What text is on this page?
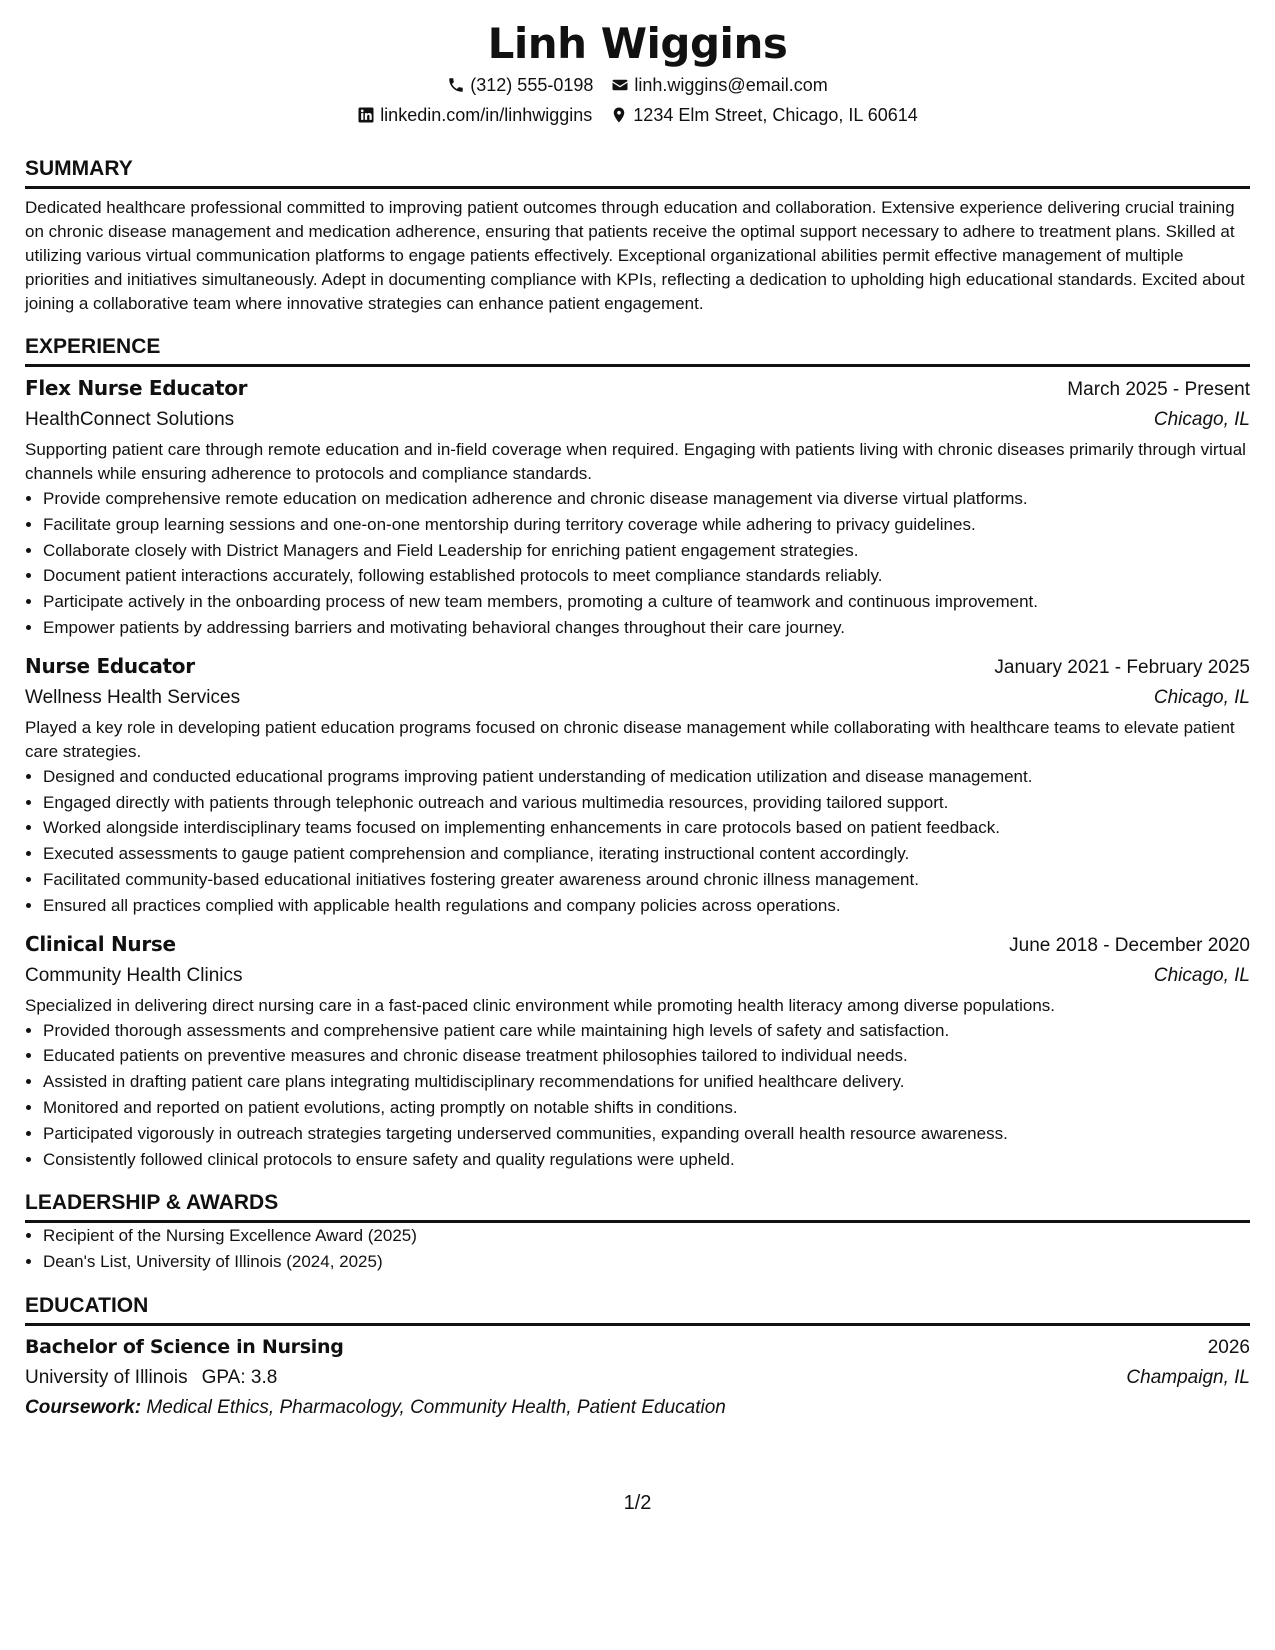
Linh Wiggins
(312) 555-0198 linh.wiggins@email.com
linkedin.com/in/linhwiggins 1234 Elm Street, Chicago, IL 60614
SUMMARY
Dedicated healthcare professional committed to improving patient outcomes through education and collaboration. Extensive experience delivering crucial training on chronic disease management and medication adherence, ensuring that patients receive the optimal support necessary to adhere to treatment plans. Skilled at utilizing various virtual communication platforms to engage patients effectively. Exceptional organizational abilities permit effective management of multiple priorities and initiatives simultaneously. Adept in documenting compliance with KPIs, reflecting a dedication to upholding high educational standards. Excited about joining a collaborative team where innovative strategies can enhance patient engagement.
EXPERIENCE
Flex Nurse Educator	March 2025 - Present
HealthConnect Solutions	Chicago, IL
Supporting patient care through remote education and in-field coverage when required. Engaging with patients living with chronic diseases primarily through virtual channels while ensuring adherence to protocols and compliance standards.
• Provide comprehensive remote education on medication adherence and chronic disease management via diverse virtual platforms.
• Facilitate group learning sessions and one-on-one mentorship during territory coverage while adhering to privacy guidelines.
• Collaborate closely with District Managers and Field Leadership for enriching patient engagement strategies.
• Document patient interactions accurately, following established protocols to meet compliance standards reliably.
• Participate actively in the onboarding process of new team members, promoting a culture of teamwork and continuous improvement.
• Empower patients by addressing barriers and motivating behavioral changes throughout their care journey.
Nurse Educator	January 2021 - February 2025
Wellness Health Services	Chicago, IL
Played a key role in developing patient education programs focused on chronic disease management while collaborating with healthcare teams to elevate patient care strategies.
• Designed and conducted educational programs improving patient understanding of medication utilization and disease management.
• Engaged directly with patients through telephonic outreach and various multimedia resources, providing tailored support.
• Worked alongside interdisciplinary teams focused on implementing enhancements in care protocols based on patient feedback.
• Executed assessments to gauge patient comprehension and compliance, iterating instructional content accordingly.
• Facilitated community-based educational initiatives fostering greater awareness around chronic illness management.
• Ensured all practices complied with applicable health regulations and company policies across operations.
Clinical Nurse	June 2018 - December 2020
Community Health Clinics	Chicago, IL
Specialized in delivering direct nursing care in a fast-paced clinic environment while promoting health literacy among diverse populations.
• Provided thorough assessments and comprehensive patient care while maintaining high levels of safety and satisfaction.
• Educated patients on preventive measures and chronic disease treatment philosophies tailored to individual needs.
• Assisted in drafting patient care plans integrating multidisciplinary recommendations for unified healthcare delivery.
• Monitored and reported on patient evolutions, acting promptly on notable shifts in conditions.
• Participated vigorously in outreach strategies targeting underserved communities, expanding overall health resource awareness.
• Consistently followed clinical protocols to ensure safety and quality regulations were upheld.
LEADERSHIP & AWARDS
• Recipient of the Nursing Excellence Award (2025)
• Dean's List, University of Illinois (2024, 2025)
EDUCATION
Bachelor of Science in Nursing	2026
University of Illinois GPA: 3.8	Champaign, IL
Coursework: Medical Ethics, Pharmacology, Community Health, Patient Education
1/2
